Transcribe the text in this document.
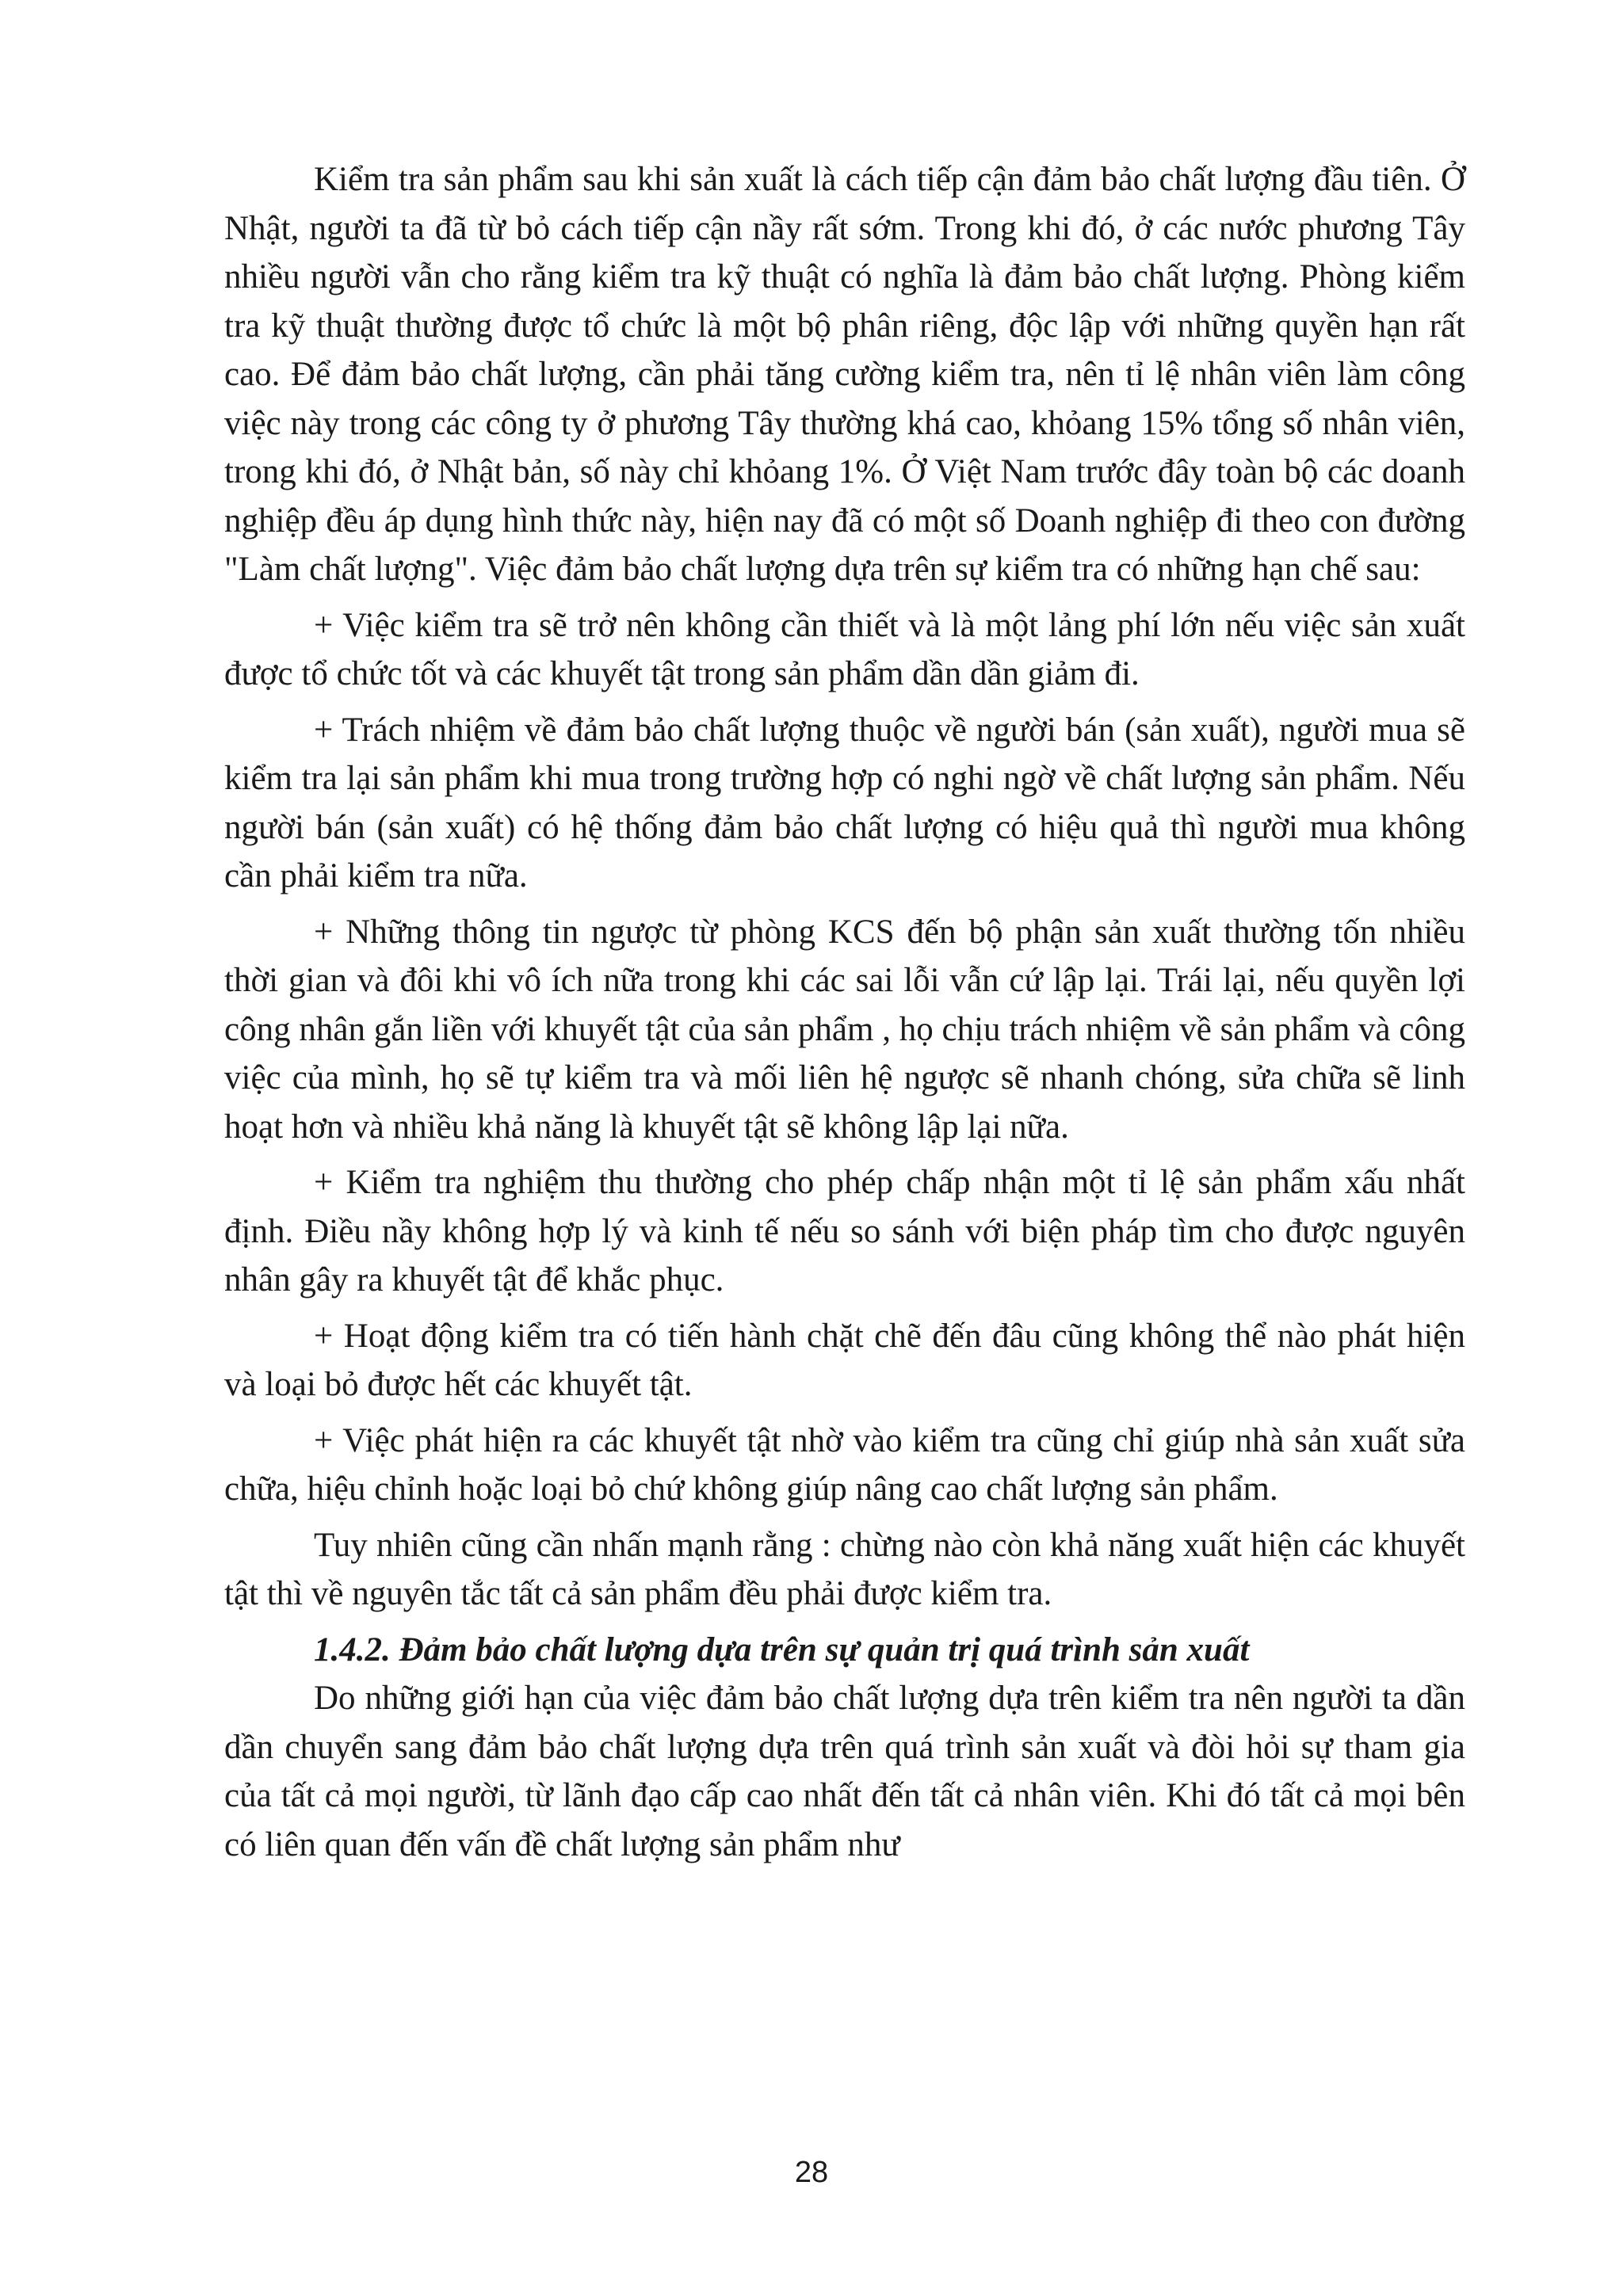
Kiểm tra sản phẩm sau khi sản xuất là cách tiếp cận đảm bảo chất lượng đầu tiên. Ở Nhật, người ta đã từ bỏ cách tiếp cận nầy rất sớm. Trong khi đó, ở các nước phương Tây nhiều người vẫn cho rằng kiểm tra kỹ thuật có nghĩa là đảm bảo chất lượng. Phòng kiểm tra kỹ thuật thường được tổ chức là một bộ phân riêng, độc lập với những quyền hạn rất cao. Để đảm bảo chất lượng, cần phải tăng cường kiểm tra, nên tỉ lệ nhân viên làm công việc này trong các công ty ở phương Tây thường khá cao, khỏang 15% tổng số nhân viên, trong khi đó, ở Nhật bản, số này chỉ khỏang 1%. Ở Việt Nam trước đây toàn bộ các doanh nghiệp đều áp dụng hình thức này, hiện nay đã có một số Doanh nghiệp đi theo con đường "Làm chất lượng". Việc đảm bảo chất lượng dựa trên sự kiểm tra có những hạn chế sau:

+ Việc kiểm tra sẽ trở nên không cần thiết và là một lảng phí lớn nếu việc sản xuất được tổ chức tốt và các khuyết tật trong sản phẩm dần dần giảm đi.

+ Trách nhiệm về đảm bảo chất lượng thuộc về người bán (sản xuất), người mua sẽ kiểm tra lại sản phẩm khi mua trong trường hợp có nghi ngờ về chất lượng sản phẩm. Nếu người bán (sản xuất) có hệ thống đảm bảo chất lượng có hiệu quả thì người mua không cần phải kiểm tra nữa.

+ Những thông tin ngược từ phòng KCS đến bộ phận sản xuất thường tốn nhiều thời gian và đôi khi vô ích nữa trong khi các sai lỗi vẫn cứ lập lại. Trái lại, nếu quyền lợi công nhân gắn liền với khuyết tật của sản phẩm , họ chịu trách nhiệm về sản phẩm và công việc của mình, họ sẽ tự kiểm tra và mối liên hệ ngược sẽ nhanh chóng, sửa chữa sẽ linh hoạt hơn và nhiều khả năng là khuyết tật sẽ không lập lại nữa.

+ Kiểm tra nghiệm thu thường cho phép chấp nhận một tỉ lệ sản phẩm xấu nhất định. Điều nầy không hợp lý và kinh tế nếu so sánh với biện pháp tìm cho được nguyên nhân gây ra khuyết tật để khắc phục.

+ Hoạt động kiểm tra có tiến hành chặt chẽ đến đâu cũng không thể nào phát hiện và loại bỏ được hết các khuyết tật.

+ Việc phát hiện ra các khuyết tật nhờ vào kiểm tra cũng chỉ giúp nhà sản xuất sửa chữa, hiệu chỉnh hoặc loại bỏ chứ không giúp nâng cao chất lượng sản phẩm.

Tuy nhiên cũng cần nhấn mạnh rằng : chừng nào còn khả năng xuất hiện các khuyết tật thì về nguyên tắc tất cả sản phẩm đều phải được kiểm tra.

1.4.2. Đảm bảo chất lượng dựa trên sự quản trị quá trình sản xuất

Do những giới hạn của việc đảm bảo chất lượng dựa trên kiểm tra nên người ta dần dần chuyển sang đảm bảo chất lượng dựa trên quá trình sản xuất và đòi hỏi sự tham gia của tất cả mọi người, từ lãnh đạo cấp cao nhất đến tất cả nhân viên. Khi đó tất cả mọi bên có liên quan đến vấn đề chất lượng sản phẩm như

28
